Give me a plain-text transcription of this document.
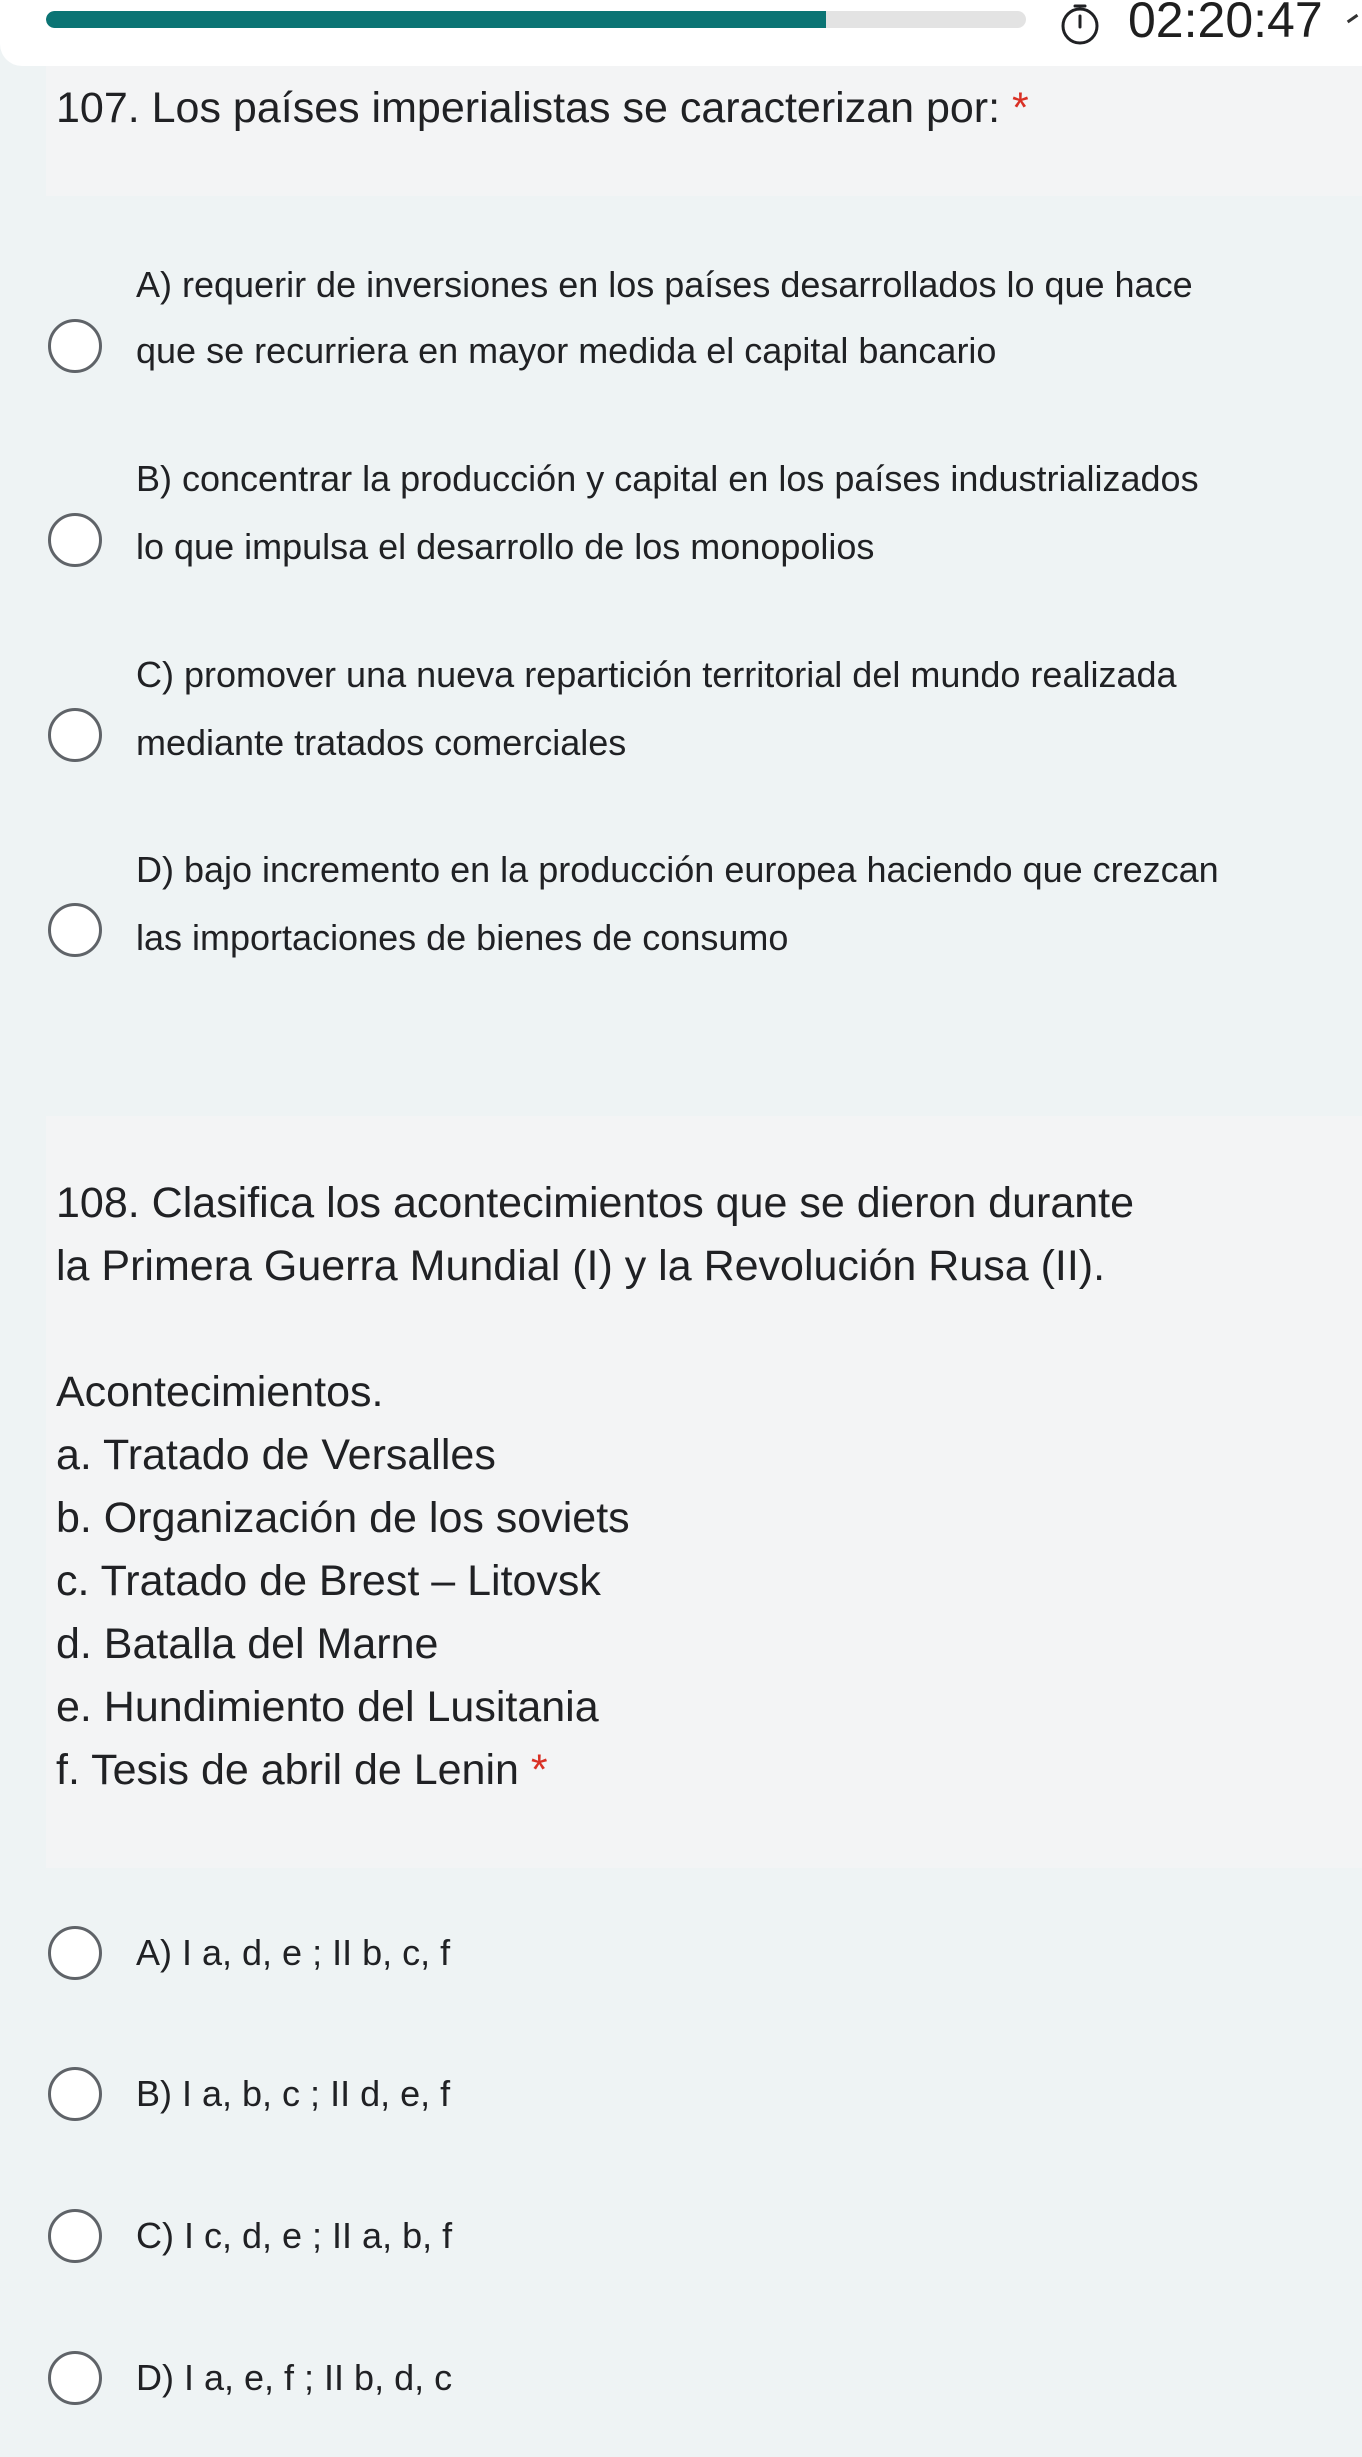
02:20:47
107. Los países imperialistas se caracterizan por: *
A) requerir de inversiones en los países desarrollados lo que hace
que se recurriera en mayor medida el capital bancario
B) concentrar la producción y capital en los países industrializados
lo que impulsa el desarrollo de los monopolios
C) promover una nueva repartición territorial del mundo realizada
mediante tratados comerciales
D) bajo incremento en la producción europea haciendo que crezcan
las importaciones de bienes de consumo
108. Clasifica los acontecimientos que se dieron durante
la Primera Guerra Mundial (I) y la Revolución Rusa (II).
Acontecimientos.
a. Tratado de Versalles
b. Organización de los soviets
c. Tratado de Brest – Litovsk
d. Batalla del Marne
e. Hundimiento del Lusitania
f. Tesis de abril de Lenin *
A) I a, d, e ; II b, c, f
B) I a, b, c ; II d, e, f
C) I c, d, e ; II a, b, f
D) I a, e, f ; II b, d, c
